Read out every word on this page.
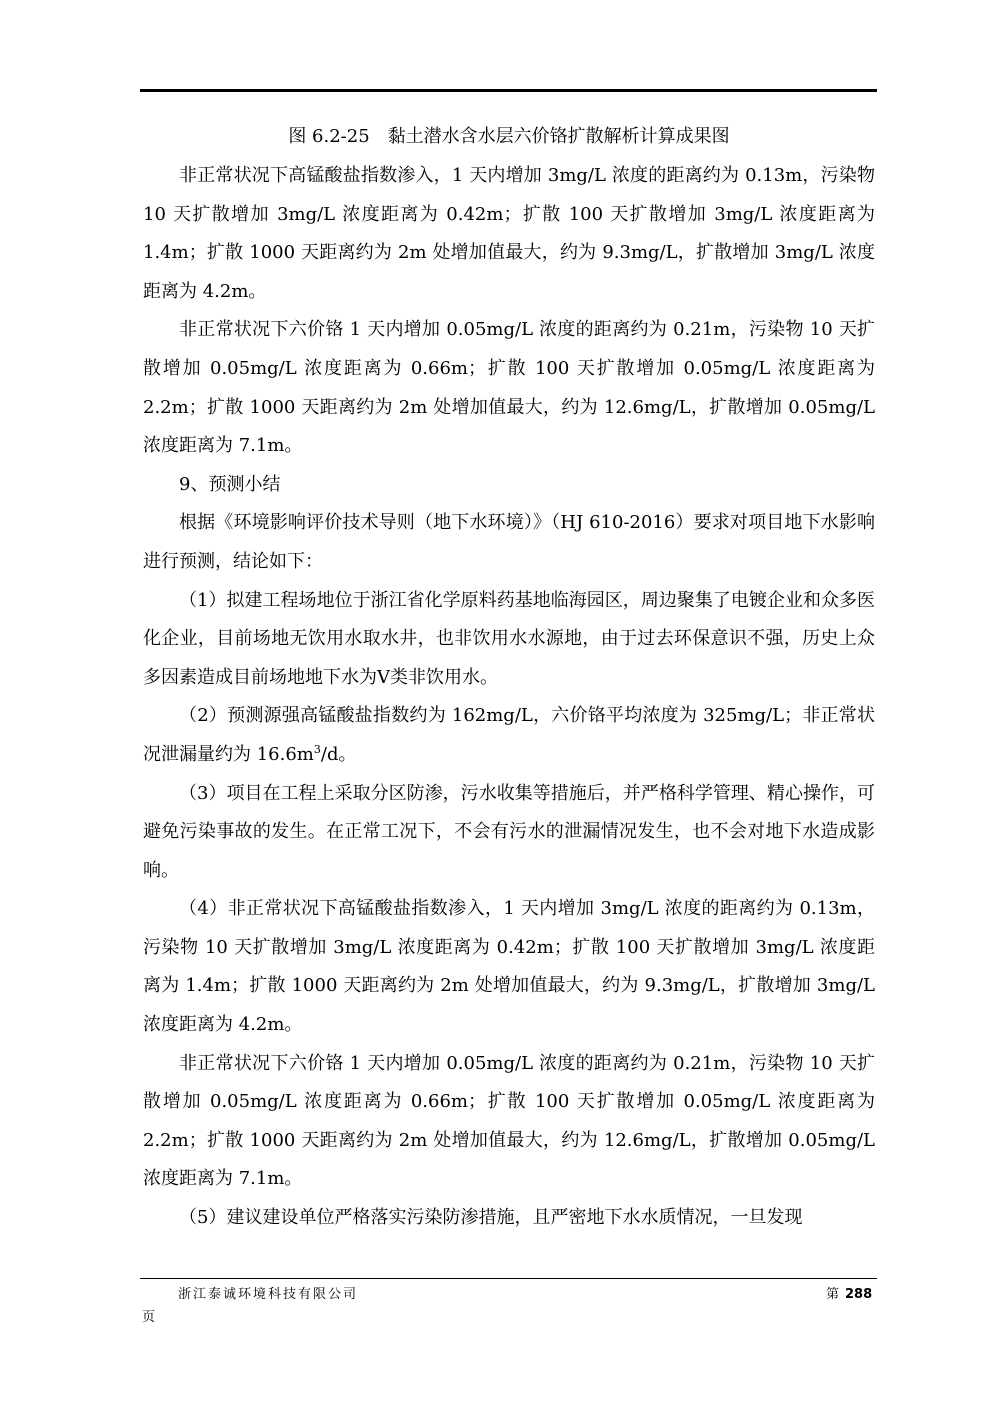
图 6.2-25　黏土潜水含水层六价铬扩散解析计算成果图

非正常状况下高锰酸盐指数渗入，1 天内增加 3mg/L 浓度的距离约为 0.13m，污染物 10 天扩散增加 3mg/L 浓度距离为 0.42m；扩散 100 天扩散增加 3mg/L 浓度距离为 1.4m；扩散 1000 天距离约为 2m 处增加值最大，约为 9.3mg/L，扩散增加 3mg/L 浓度距离为 4.2m。

非正常状况下六价铬 1 天内增加 0.05mg/L 浓度的距离约为 0.21m，污染物 10 天扩散增加 0.05mg/L 浓度距离为 0.66m；扩散 100 天扩散增加 0.05mg/L 浓度距离为 2.2m；扩散 1000 天距离约为 2m 处增加值最大，约为 12.6mg/L，扩散增加 0.05mg/L 浓度距离为 7.1m。

9、预测小结

根据《环境影响评价技术导则（地下水环境）》（HJ 610-2016）要求对项目地下水影响进行预测，结论如下：

（1）拟建工程场地位于浙江省化学原料药基地临海园区，周边聚集了电镀企业和众多医化企业，目前场地无饮用水取水井，也非饮用水水源地，由于过去环保意识不强，历史上众多因素造成目前场地地下水为Ⅴ类非饮用水。

（2）预测源强高锰酸盐指数约为 162mg/L，六价铬平均浓度为 325mg/L；非正常状况泄漏量约为 $16.6m^3/d$。

（3）项目在工程上采取分区防渗，污水收集等措施后，并严格科学管理、精心操作，可避免污染事故的发生。在正常工况下，不会有污水的泄漏情况发生，也不会对地下水造成影响。

（4）非正常状况下高锰酸盐指数渗入，1 天内增加 3mg/L 浓度的距离约为 0.13m，污染物 10 天扩散增加 3mg/L 浓度距离为 0.42m；扩散 100 天扩散增加 3mg/L 浓度距离为 1.4m；扩散 1000 天距离约为 2m 处增加值最大，约为 9.3mg/L，扩散增加 3mg/L 浓度距离为 4.2m。

非正常状况下六价铬 1 天内增加 0.05mg/L 浓度的距离约为 0.21m，污染物 10 天扩散增加 0.05mg/L 浓度距离为 0.66m；扩散 100 天扩散增加 0.05mg/L 浓度距离为 2.2m；扩散 1000 天距离约为 2m 处增加值最大，约为 12.6mg/L，扩散增加 0.05mg/L 浓度距离为 7.1m。

（5）建议建设单位严格落实污染防渗措施，且严密地下水水质情况，一旦发现

浙江泰诚环境科技有限公司	第 288
页
